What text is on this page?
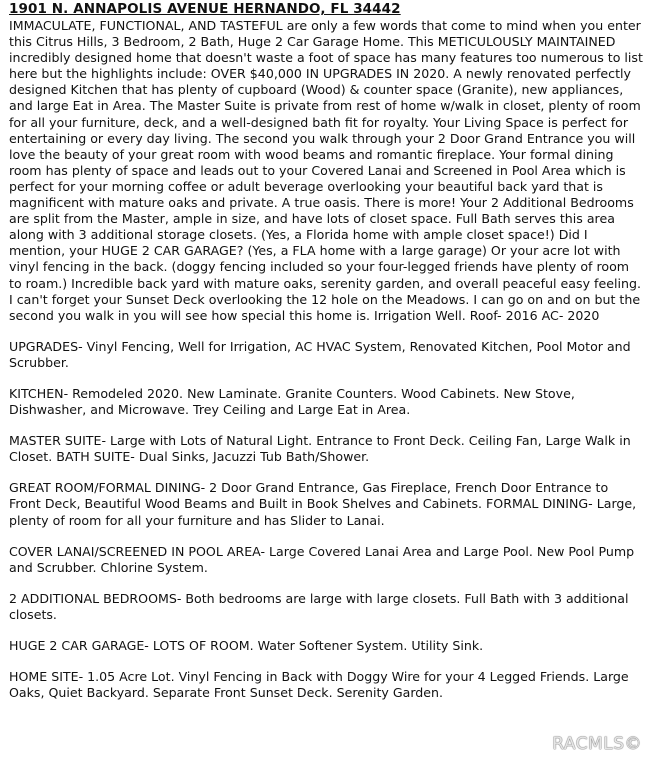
1901 N. ANNAPOLIS AVENUE HERNANDO, FL 34442

IMMACULATE, FUNCTIONAL, AND TASTEFUL are only a few words that come to mind when you enter this Citrus Hills, 3 Bedroom, 2 Bath, Huge 2 Car Garage Home. This METICULOUSLY MAINTAINED incredibly designed home that doesn't waste a foot of space has many features too numerous to list here but the highlights include: OVER $40,000 IN UPGRADES IN 2020. A newly renovated perfectly designed Kitchen that has plenty of cupboard (Wood) & counter space (Granite), new appliances, and large Eat in Area. The Master Suite is private from rest of home w/walk in closet, plenty of room for all your furniture, deck, and a well-designed bath fit for royalty. Your Living Space is perfect for entertaining or every day living. The second you walk through your 2 Door Grand Entrance you will love the beauty of your great room with wood beams and romantic fireplace. Your formal dining room has plenty of space and leads out to your Covered Lanai and Screened in Pool Area which is perfect for your morning coffee or adult beverage overlooking your beautiful back yard that is magnificent with mature oaks and private. A true oasis. There is more! Your 2 Additional Bedrooms are split from the Master, ample in size, and have lots of closet space. Full Bath serves this area along with 3 additional storage closets. (Yes, a Florida home with ample closet space!) Did I mention, your HUGE 2 CAR GARAGE? (Yes, a FLA home with a large garage) Or your acre lot with vinyl fencing in the back. (doggy fencing included so your four-legged friends have plenty of room to roam.) Incredible back yard with mature oaks, serenity garden, and overall peaceful easy feeling. I can't forget your Sunset Deck overlooking the 12 hole on the Meadows. I can go on and on but the second you walk in you will see how special this home is. Irrigation Well. Roof- 2016 AC- 2020

UPGRADES- Vinyl Fencing, Well for Irrigation, AC HVAC System, Renovated Kitchen, Pool Motor and Scrubber.

KITCHEN- Remodeled 2020. New Laminate. Granite Counters. Wood Cabinets. New Stove, Dishwasher, and Microwave. Trey Ceiling and Large Eat in Area.

MASTER SUITE- Large with Lots of Natural Light. Entrance to Front Deck. Ceiling Fan, Large Walk in Closet. BATH SUITE- Dual Sinks, Jacuzzi Tub Bath/Shower.

GREAT ROOM/FORMAL DINING- 2 Door Grand Entrance, Gas Fireplace, French Door Entrance to Front Deck, Beautiful Wood Beams and Built in Book Shelves and Cabinets. FORMAL DINING- Large, plenty of room for all your furniture and has Slider to Lanai.

COVER LANAI/SCREENED IN POOL AREA- Large Covered Lanai Area and Large Pool. New Pool Pump and Scrubber. Chlorine System.

2 ADDITIONAL BEDROOMS- Both bedrooms are large with large closets. Full Bath with 3 additional closets.

HUGE 2 CAR GARAGE- LOTS OF ROOM. Water Softener System. Utility Sink.

HOME SITE- 1.05 Acre Lot. Vinyl Fencing in Back with Doggy Wire for your 4 Legged Friends. Large Oaks, Quiet Backyard. Separate Front Sunset Deck. Serenity Garden.

RACMLS©
